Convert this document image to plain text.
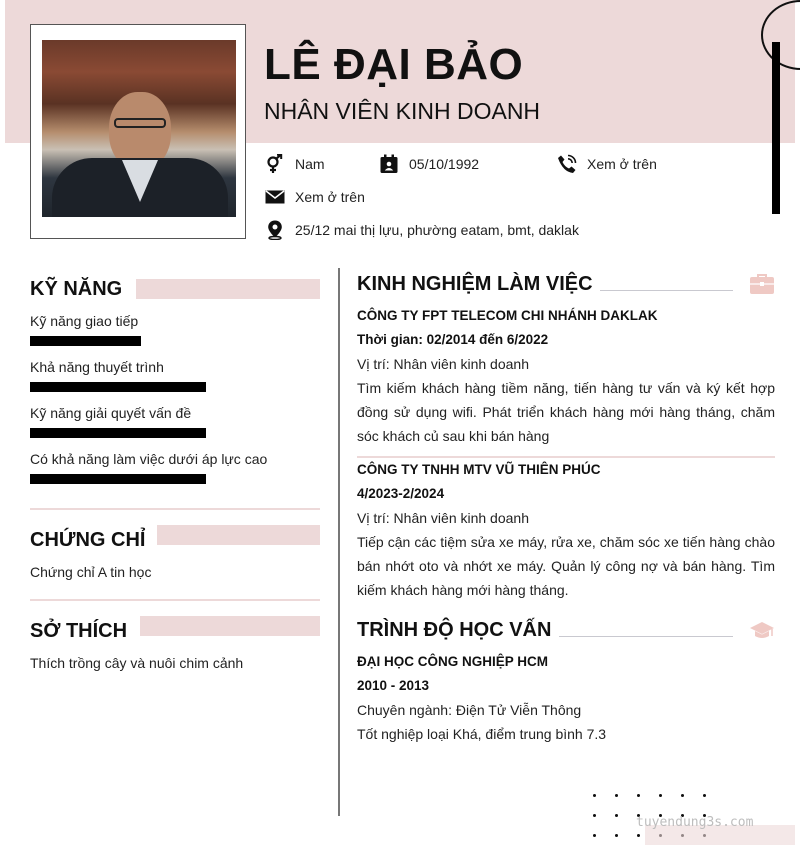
LÊ ĐẠI BẢO
NHÂN VIÊN KINH DOANH
Nam	05/10/1992	Xem ở trên
Xem ở trên
25/12 mai thị lựu, phường eatam, bmt, daklak
KỸ NĂNG
Kỹ năng giao tiếp
Khả năng thuyết trình
Kỹ năng giải quyết vấn đề
Có khả năng làm việc dưới áp lực cao
CHỨNG CHỈ
Chứng chỉ A tin học
SỞ THÍCH
Thích trồng cây và nuôi chim cảnh
KINH NGHIỆM LÀM VIỆC
CÔNG TY FPT TELECOM CHI NHÁNH DAKLAK
Thời gian: 02/2014 đến 6/2022
Vị trí: Nhân viên kinh doanh
Tìm kiếm khách hàng tiềm năng, tiến hàng tư vấn và ký kết hợp đồng sử dụng wifi. Phát triển khách hàng mới hàng tháng, chăm sóc khách củ sau khi bán hàng
CÔNG TY TNHH MTV VŨ THIÊN PHÚC
4/2023-2/2024
Vị trí: Nhân viên kinh doanh
Tiếp cận các tiệm sửa xe máy, rửa xe, chăm sóc xe tiến hàng chào bán nhớt oto và nhớt xe máy. Quản lý công nợ và bán hàng. Tìm kiếm khách hàng mới hàng tháng.
TRÌNH ĐỘ HỌC VẤN
ĐẠI HỌC CÔNG NGHIỆP HCM
2010 - 2013
Chuyên ngành: Điện Tử Viễn Thông
Tốt nghiệp loại Khá, điểm trung bình 7.3
tuyendung3s.com
